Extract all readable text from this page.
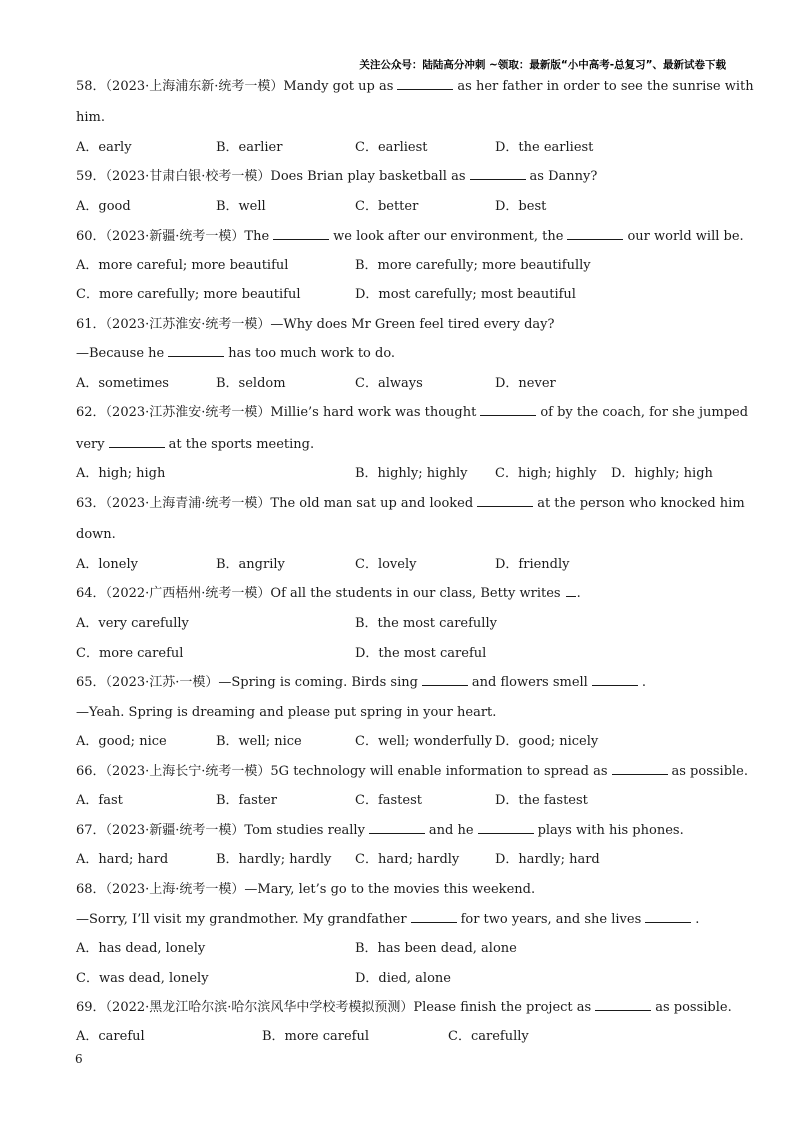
关注公众号：陆陆高分冲刺 ~领取：最新版“小中高考-总复习”、最新试卷下载
58．（2023·上海浦东新·统考一模）Mandy got up as	as her father in order to see the sunrise with
him.
A．early	B．earlier	C．earliest	D．the earliest
59．（2023·甘肃白银·校考一模）Does Brian play basketball as	as Danny?
A．good	B．well	C．better	D．best
60．（2023·新疆·统考一模）The	we look after our environment, the	our world will be.
A．more careful; more beautiful	B．more carefully; more beautifully
C．more carefully; more beautiful	D．most carefully; most beautiful
61．（2023·江苏淮安·统考一模）—Why does Mr Green feel tired every day?
—Because he	has too much work to do.
A．sometimes	B．seldom	C．always	D．never
62．（2023·江苏淮安·统考一模）Millie’s hard work was thought	of by the coach, for she jumped
very	at the sports meeting.
A．high; high	B．highly; highly C．high; highly D．highly; high
63．（2023·上海青浦·统考一模）The old man sat up and looked	at the person who knocked him
down.
A．lonely	B．angrily	C．lovely	D．friendly
64．（2022·广西梧州·统考一模）Of all the students in our class, Betty writes .
A．very carefully	B．the most carefully
C．more careful	D．the most careful
65．（2023·江苏·一模）—Spring is coming. Birds sing	and flowers smell	.
—Yeah. Spring is dreaming and please put spring in your heart.
A．good; nice	B．well; nice	C．well; wonderfully D．good; nicely
66．（2023·上海长宁·统考一模）5G technology will enable information to spread as	as possible.
A．fast	B．faster	C．fastest	D．the fastest
67．（2023·新疆·统考一模）Tom studies really	and he	plays with his phones.
A．hard; hard	B．hardly; hardly C．hard; hardly	D．hardly; hard
68．（2023·上海·统考一模）—Mary, let’s go to the movies this weekend.
—Sorry, I’ll visit my grandmother. My grandfather	for two years, and she lives	.
A．has dead, lonely	B．has been dead, alone
C．was dead, lonely	D．died, alone
69．（2022·黑龙江哈尔滨·哈尔滨风华中学校考模拟预测）Please finish the project as	as possible.
A．careful	B．more careful	C．carefully
6
